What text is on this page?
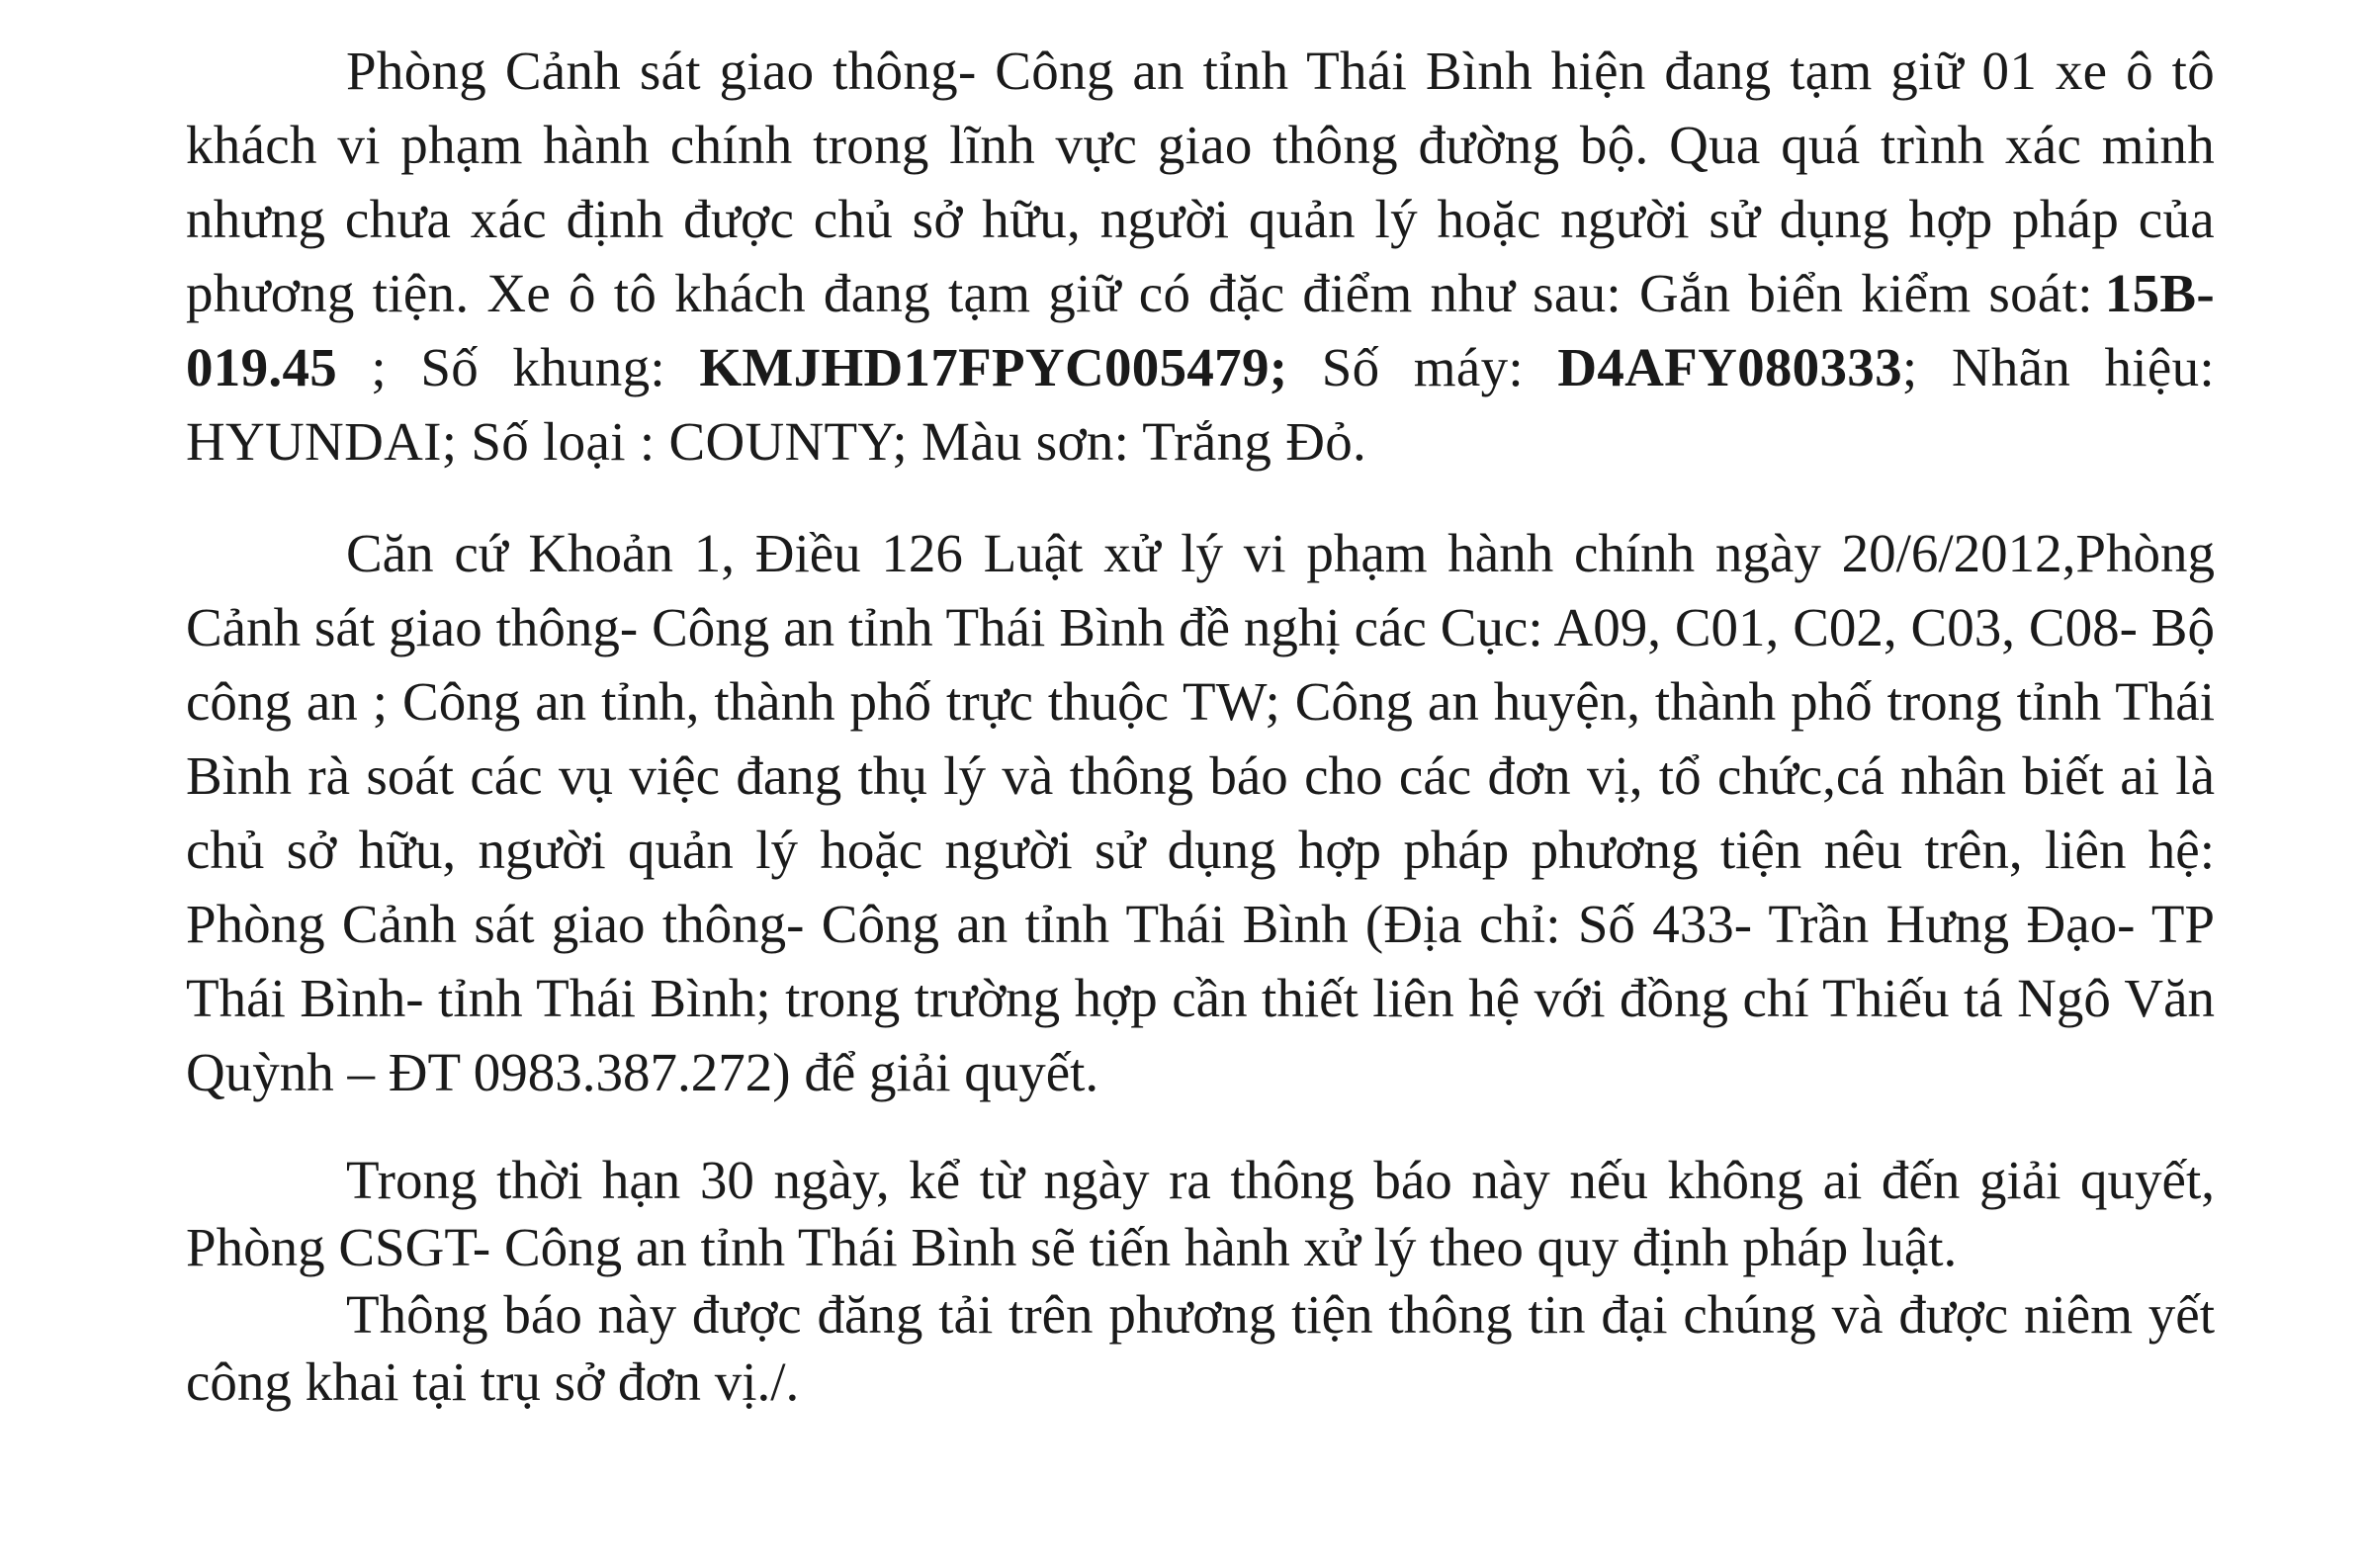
Phòng Cảnh sát giao thông- Công an tỉnh Thái Bình hiện đang tạm giữ 01 xe ô tô khách vi phạm hành chính trong lĩnh vực giao thông đường bộ. Qua quá trình xác minh nhưng chưa xác định được chủ sở hữu, người quản lý hoặc người sử dụng hợp pháp của phương tiện. Xe ô tô khách đang tạm giữ có đặc điểm như sau: Gắn biển kiểm soát: 15B-019.45 ; Số khung: KMJHD17FPYC005479; Số máy: D4AFY080333; Nhãn hiệu: HYUNDAI; Số loại : COUNTY; Màu sơn: Trắng Đỏ.

Căn cứ Khoản 1, Điều 126 Luật xử lý vi phạm hành chính ngày 20/6/2012,Phòng Cảnh sát giao thông- Công an tỉnh Thái Bình đề nghị các Cục: A09, C01, C02, C03, C08- Bộ công an ; Công an tỉnh, thành phố trực thuộc TW; Công an huyện, thành phố trong tỉnh Thái Bình rà soát các vụ việc đang thụ lý và thông báo cho các đơn vị, tổ chức,cá nhân biết ai là chủ sở hữu, người quản lý hoặc người sử dụng hợp pháp phương tiện nêu trên, liên hệ: Phòng Cảnh sát giao thông- Công an tỉnh Thái Bình (Địa chỉ: Số 433- Trần Hưng Đạo- TP Thái Bình- tỉnh Thái Bình; trong trường hợp cần thiết liên hệ với đồng chí Thiếu tá Ngô Văn Quỳnh – ĐT 0983.387.272) để giải quyết.

Trong thời hạn 30 ngày, kể từ ngày ra thông báo này nếu không ai đến giải quyết, Phòng CSGT- Công an tỉnh Thái Bình sẽ tiến hành xử lý theo quy định pháp luật.

Thông báo này được đăng tải trên phương tiện thông tin đại chúng và được niêm yết công khai tại trụ sở đơn vị./.
